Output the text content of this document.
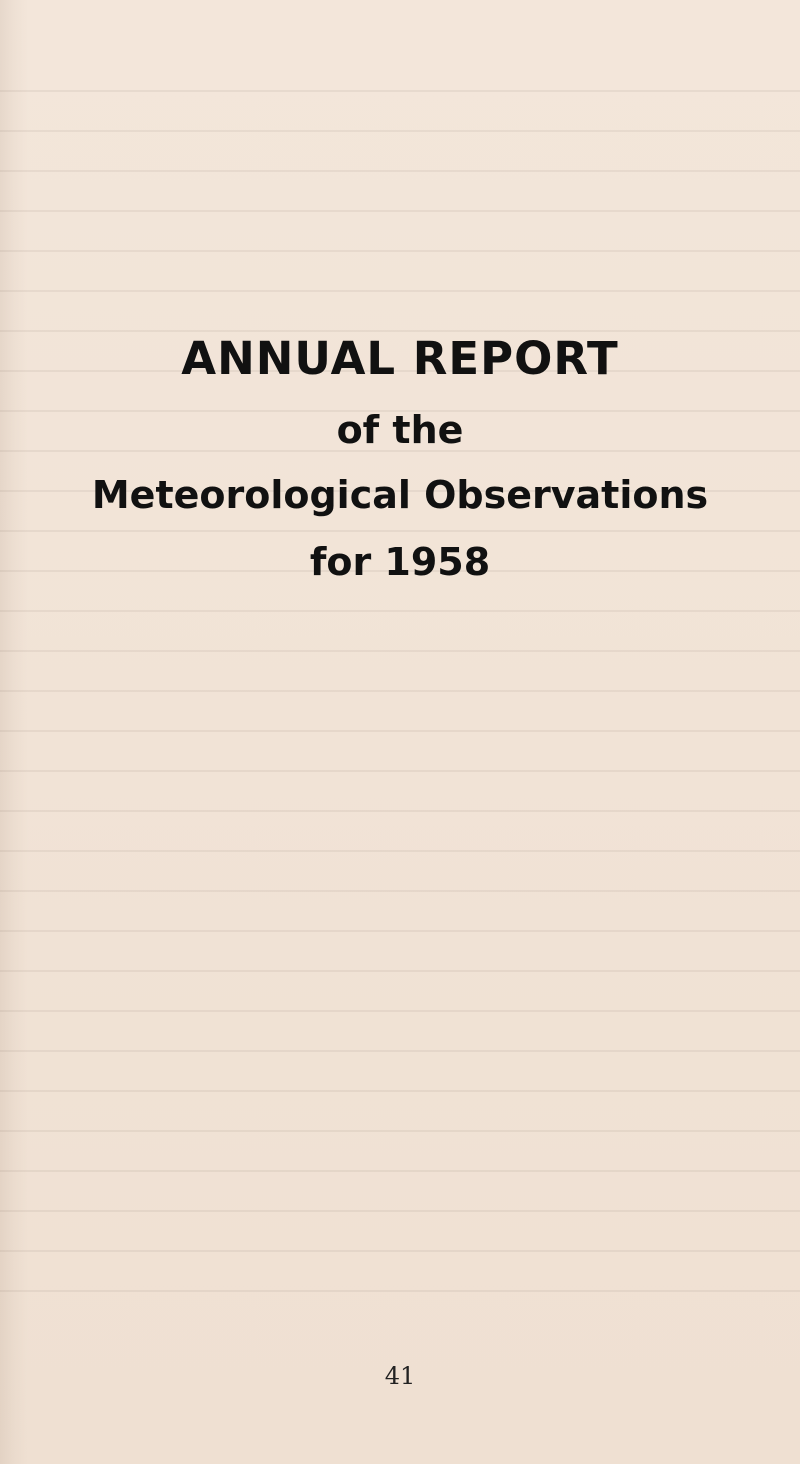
ANNUAL REPORT
of the
Meteorological Observations
for 1958
41
